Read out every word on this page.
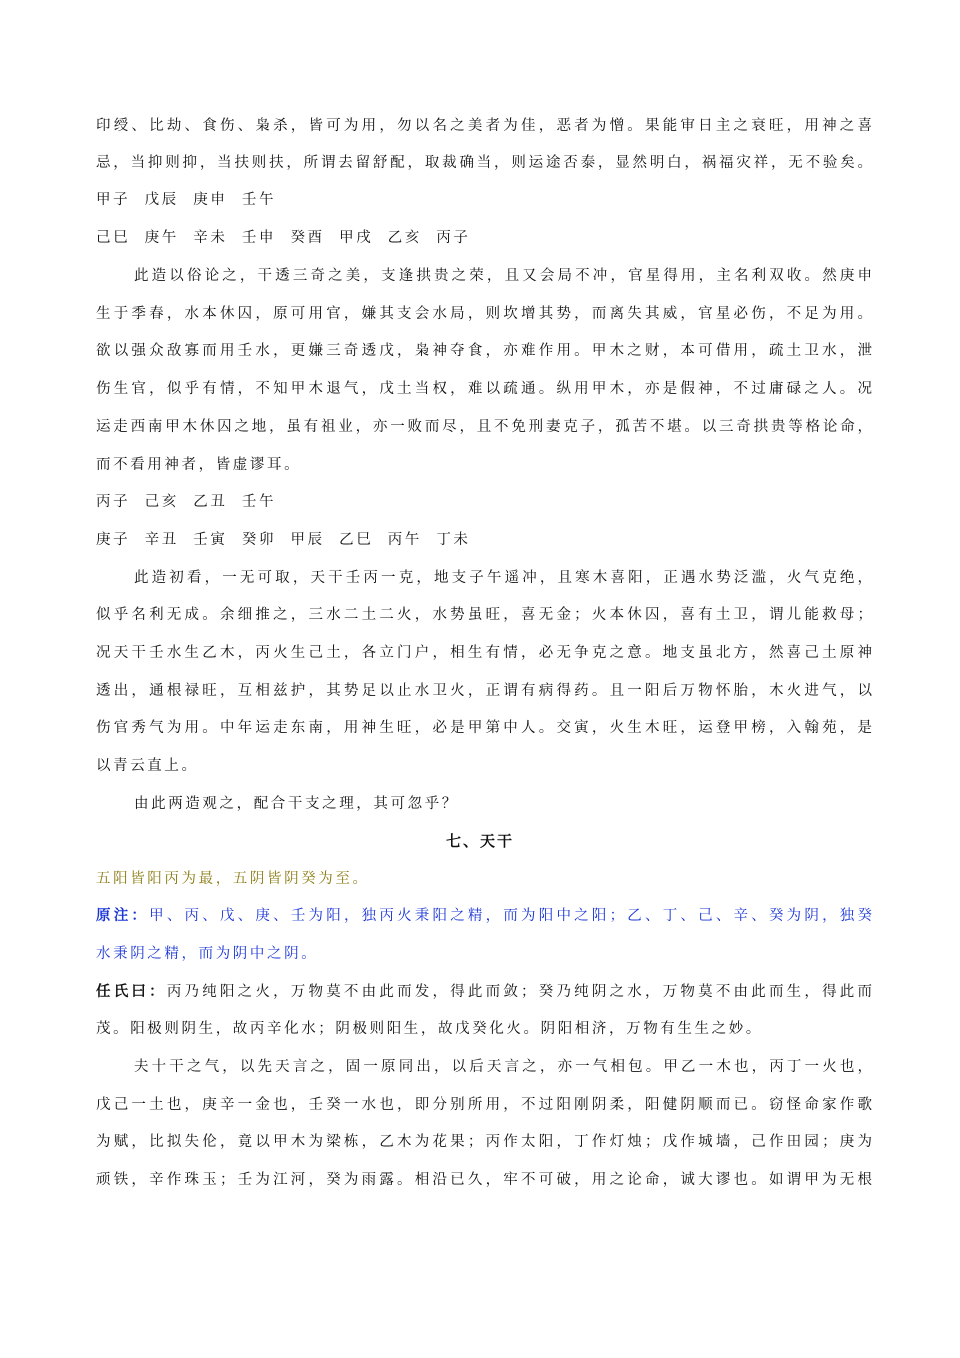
印绶、比劫、食伤、枭杀，皆可为用，勿以名之美者为佳，恶者为憎。果能审日主之衰旺，用神之喜
忌，当抑则抑，当扶则扶，所谓去留舒配，取裁确当，则运途否泰，显然明白，祸福灾祥，无不验矣。
甲子  戊辰  庚申  壬午
己巳  庚午  辛未  壬申  癸酉  甲戌  乙亥  丙子
此造以俗论之，干透三奇之美，支逢拱贵之荣，且又会局不冲，官星得用，主名利双收。然庚申
生于季春，水本休囚，原可用官，嫌其支会水局，则坎增其势，而离失其威，官星必伤，不足为用。
欲以强众敌寡而用壬水，更嫌三奇透戊，枭神夺食，亦难作用。甲木之财，本可借用，疏土卫水，泄
伤生官，似乎有情，不知甲木退气，戊土当权，难以疏通。纵用甲木，亦是假神，不过庸碌之人。况
运走西南甲木休囚之地，虽有祖业，亦一败而尽，且不免刑妻克子，孤苦不堪。以三奇拱贵等格论命，
而不看用神者，皆虚谬耳。
丙子  己亥  乙丑  壬午
庚子  辛丑  壬寅  癸卯  甲辰  乙巳  丙午  丁未
此造初看，一无可取，天干壬丙一克，地支子午遥冲，且寒木喜阳，正遇水势泛滥，火气克绝，
似乎名利无成。余细推之，三水二土二火，水势虽旺，喜无金；火本休囚，喜有土卫，谓儿能救母；
况天干壬水生乙木，丙火生己土，各立门户，相生有情，必无争克之意。地支虽北方，然喜己土原神
透出，通根禄旺，互相兹护，其势足以止水卫火，正谓有病得药。且一阳后万物怀胎，木火进气，以
伤官秀气为用。中年运走东南，用神生旺，必是甲第中人。交寅，火生木旺，运登甲榜，入翰苑，是
以青云直上。
由此两造观之，配合干支之理，其可忽乎？
七、天干
五阳皆阳丙为最，五阴皆阴癸为至。
原注：甲、丙、戊、庚、壬为阳，独丙火秉阳之精，而为阳中之阳；乙、丁、己、辛、癸为阴，独癸
水秉阴之精，而为阴中之阴。
任氏曰：丙乃纯阳之火，万物莫不由此而发，得此而敛；癸乃纯阴之水，万物莫不由此而生，得此而
茂。阳极则阴生，故丙辛化水；阴极则阳生，故戊癸化火。阴阳相济，万物有生生之妙。
夫十干之气，以先天言之，固一原同出，以后天言之，亦一气相包。甲乙一木也，丙丁一火也，
戊己一土也，庚辛一金也，壬癸一水也，即分别所用，不过阳刚阴柔，阳健阴顺而已。窃怪命家作歌
为赋，比拟失伦，竟以甲木为梁栋，乙木为花果；丙作太阳，丁作灯烛；戊作城墙，己作田园；庚为
顽铁，辛作珠玉；壬为江河，癸为雨露。相沿已久，牢不可破，用之论命，诚大谬也。如谓甲为无根
